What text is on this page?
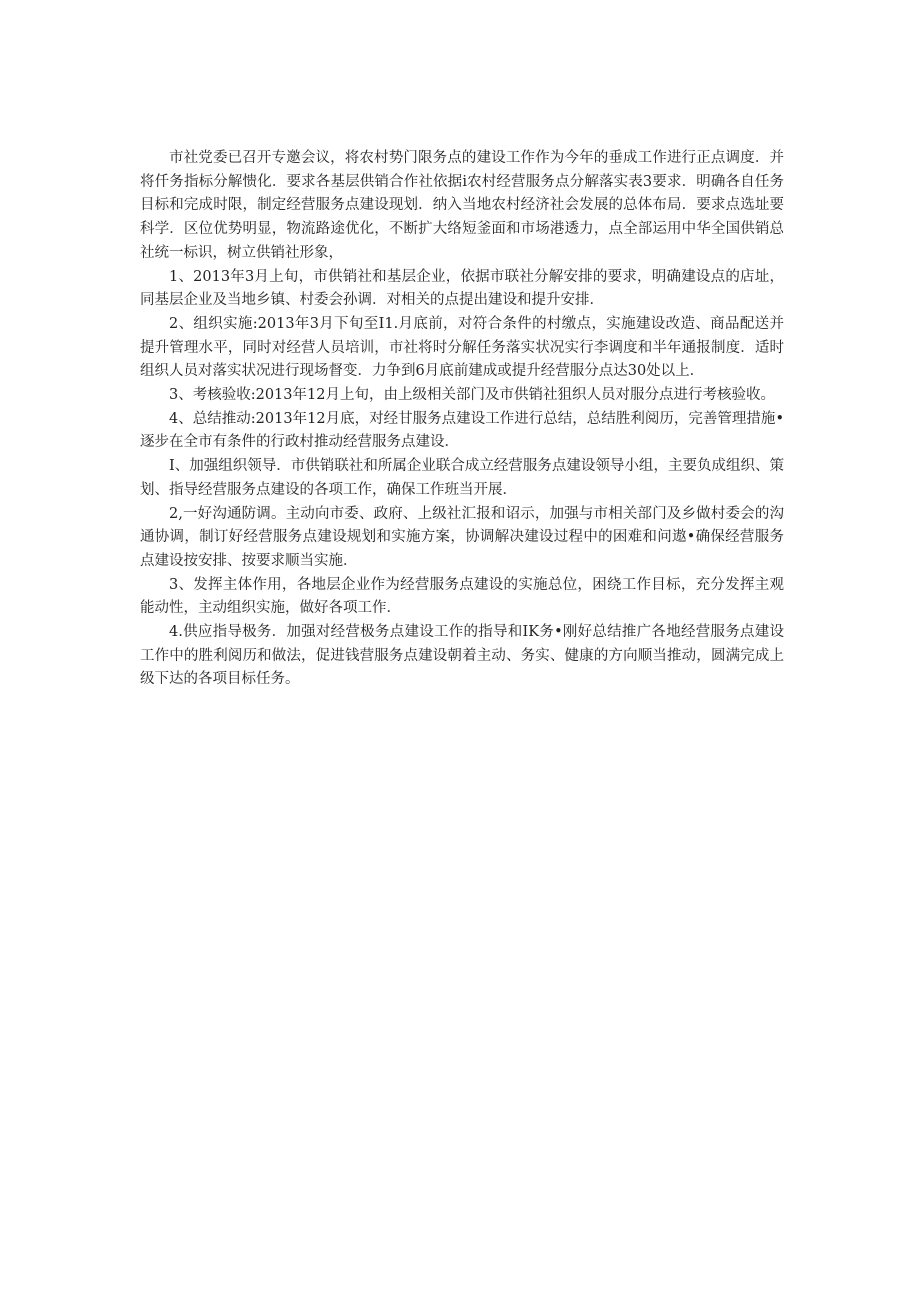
市社党委已召开专邀会议，将农村势门限务点的建设工作作为今年的垂成工作进行正点调度．并将仟务指标分解愦化．要求各基层供销合作社依据i农村经营服务点分解落实表3要求．明确各自任务目标和完成时限，制定经营服务点建设现划．纳入当地农村经济社会发展的总体布局．要求点选址要科学．区位优势明显，物流路途优化，不断扩大络短釜面和市场港透力，点全部运用中华全国供销总社统一标识，树立供销社形象，

1、2013年3月上旬，市供销社和基层企业，依据市联社分解安排的要求，明确建设点的店址，同基层企业及当地乡镇、村委会孙调．对相关的点提出建设和提升安排．

2、组织实施:2013年3月下旬至I1.月底前，对符合条件的村缴点，实施建设改造、商品配送并提升管理水平，同时对经营人员培训，市社将时分解任务落实状况实行李调度和半年通报制度．适时组织人员对落实状况进行现场督变．力争到6月底前建成或提升经营服分点达30处以上．

3、考核验收:2013年12月上旬，由上级相关部门及市供销社狙织人员对服分点进行考核验收。

4、总结推动:2013年12月底，对经甘服务点建设工作进行总结，总结胜利阅历，完善管理措施•逐步在全市有条件的行政村推动经营服务点建设．

I、加强组织领导．市供销联社和所属企业联合成立经营服务点建设领导小组，主要负成组织、策划、指导经营服务点建设的各项工作，确保工作班当开展．

2,一好沟通防调。主动向市委、政府、上级社汇报和诏示，加强与市相关部门及乡做村委会的沟通协调，制订好经营服务点建设规划和实施方案，协调解决建设过程中的困难和问遨•确保经营服务点建设按安排、按要求顺当实施．

3、发挥主体作用，各地层企业作为经营服务点建设的实施总位，困绕工作目标，充分发挥主观能动性，主动组织实施，做好各项工作．

4.供应指导极务．加强对经营极务点建设工作的指导和IK务•刚好总结推广各地经营服务点建设工作中的胜利阅历和做法，促进钱营服务点建设朝着主动、务实、健康的方向顺当推动，圆满完成上级下达的各项目标任务。
